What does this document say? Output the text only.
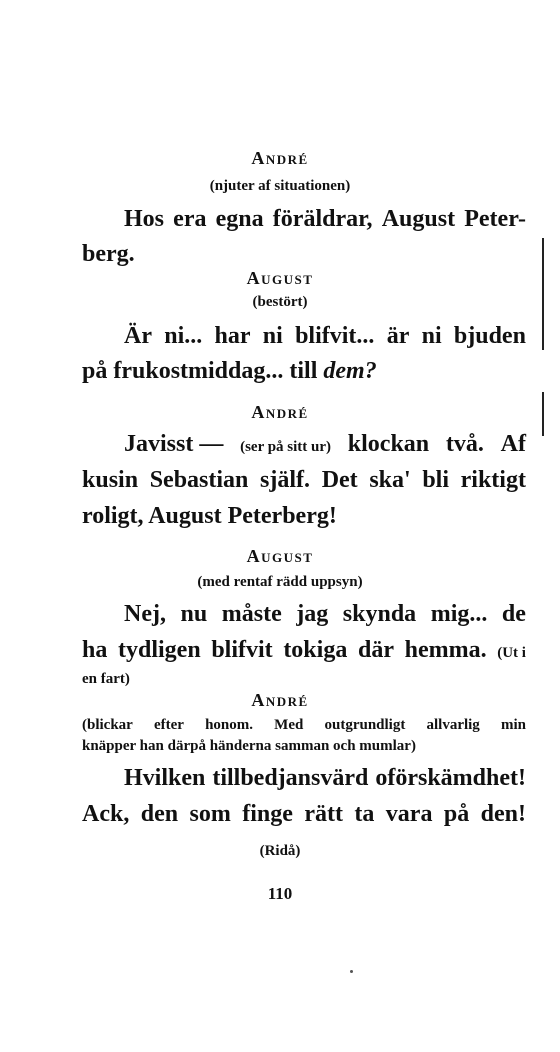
André
(njuter af situationen)
Hos era egna föräldrar, August Peter-
berg.
August
(bestört)
Är ni... har ni blifvit... är ni bjuden
på frukostmiddag... till dem?
André
Javisst — (ser på sitt ur) klockan två. Af
kusin Sebastian själf. Det ska' bli riktigt
roligt, August Peterberg!
August
(med rentaf rädd uppsyn)
Nej, nu måste jag skynda mig... de
ha tydligen blifvit tokiga där hemma. (Ut i
en fart)
André
(blickar efter honom. Med outgrundligt allvarlig min
knäpper han därpå händerna samman och mumlar)
Hvilken tillbedjansvärd oförskämdhet!
Ack, den som finge rätt ta vara på den!
(Ridå)
110
